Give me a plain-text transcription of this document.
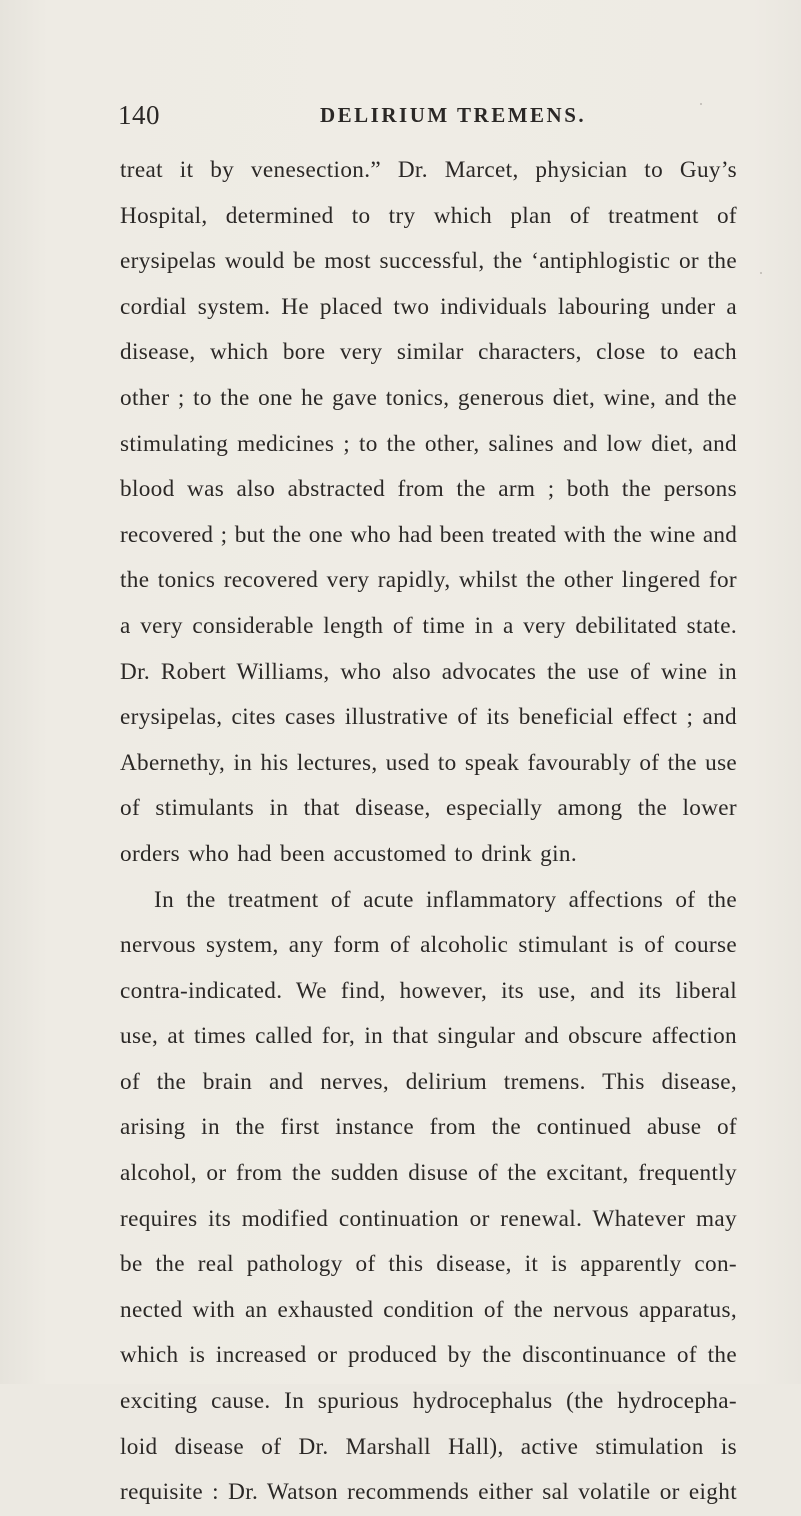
140	DELIRIUM TREMENS.
treat it by venesection.” Dr. Marcet, physician to Guy’s
Hospital, determined to try which plan of treatment of
erysipelas would be most successful, the ‘antiphlogistic or the
cordial system. He placed two individuals labouring under a
disease, which bore very similar characters, close to each
other ; to the one he gave tonics, generous diet, wine, and the
stimulating medicines ; to the other, salines and low diet, and
blood was also abstracted from the arm ; both the persons
recovered ; but the one who had been treated with the wine and
the tonics recovered very rapidly, whilst the other lingered for
a very considerable length of time in a very debilitated state.
Dr. Robert Williams, who also advocates the use of wine in
erysipelas, cites cases illustrative of its beneficial effect ; and
Abernethy, in his lectures, used to speak favourably of the use
of stimulants in that disease, especially among the lower
orders who had been accustomed to drink gin.
In the treatment of acute inflammatory affections of the
nervous system, any form of alcoholic stimulant is of course
contra-indicated. We find, however, its use, and its liberal
use, at times called for, in that singular and obscure affection
of the brain and nerves, delirium tremens. This disease,
arising in the first instance from the continued abuse of
alcohol, or from the sudden disuse of the excitant, frequently
requires its modified continuation or renewal. Whatever may
be the real pathology of this disease, it is apparently con-
nected with an exhausted condition of the nervous apparatus,
which is increased or produced by the discontinuance of the
exciting cause. In spurious hydrocephalus (the hydrocepha-
loid disease of Dr. Marshall Hall), active stimulation is
requisite : Dr. Watson recommends either sal volatile or eight
